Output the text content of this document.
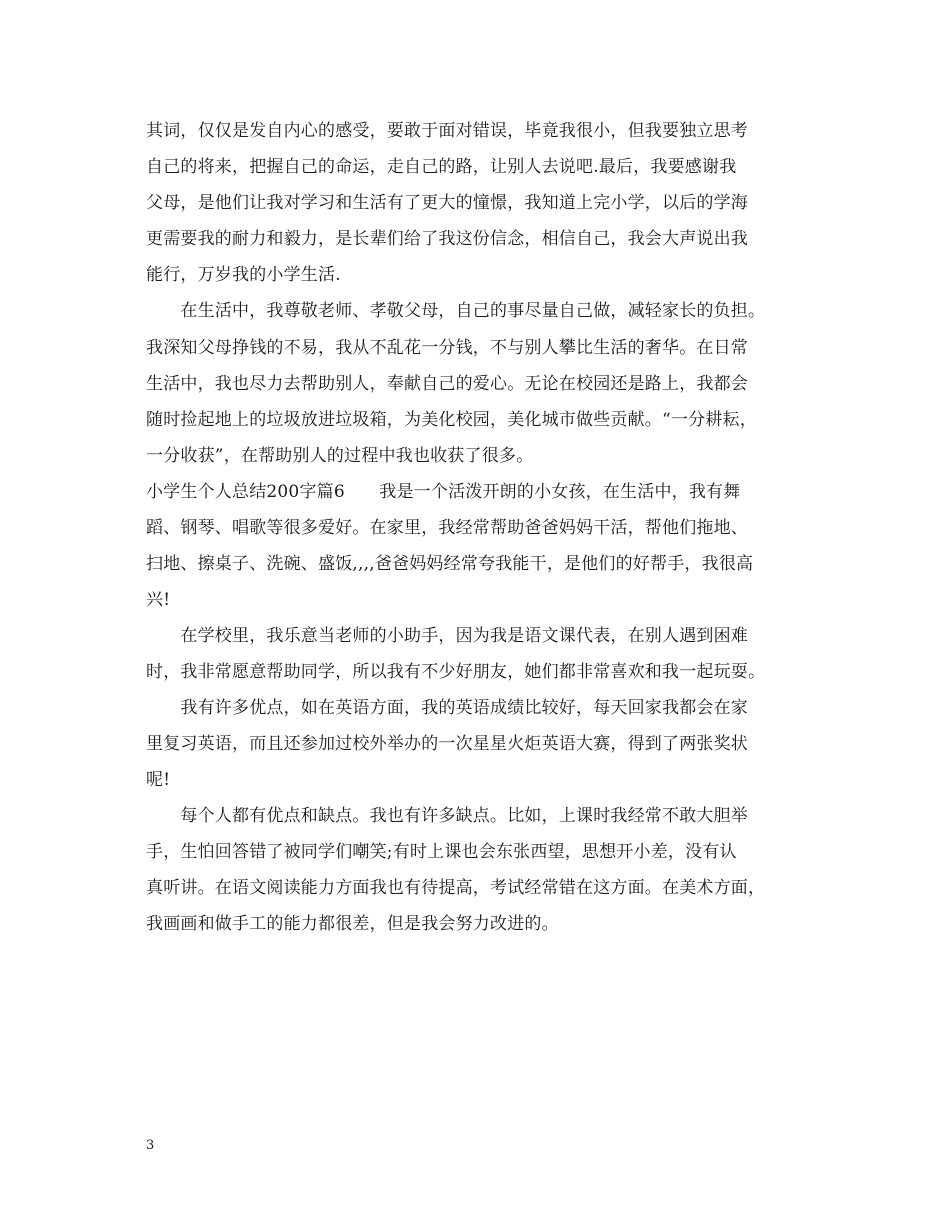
其词，仅仅是发自内心的感受，要敢于面对错误，毕竟我很小，但我要独立思考
自己的将来，把握自己的命运，走自己的路，让别人去说吧.最后，我要感谢我
父母，是他们让我对学习和生活有了更大的憧憬，我知道上完小学，以后的学海
更需要我的耐力和毅力，是长辈们给了我这份信念，相信自己，我会大声说出我
能行，万岁我的小学生活.
　　在生活中，我尊敬老师、孝敬父母，自己的事尽量自己做，减轻家长的负担。
我深知父母挣钱的不易，我从不乱花一分钱，不与别人攀比生活的奢华。在日常
生活中，我也尽力去帮助别人，奉献自己的爱心。无论在校园还是路上，我都会
随时捡起地上的垃圾放进垃圾箱，为美化校园，美化城市做些贡献。“一分耕耘，
一分收获”，在帮助别人的过程中我也收获了很多。
小学生个人总结200字篇6　　我是一个活泼开朗的小女孩，在生活中，我有舞
蹈、钢琴、唱歌等很多爱好。在家里，我经常帮助爸爸妈妈干活，帮他们拖地、
扫地、擦桌子、洗碗、盛饭,,,,爸爸妈妈经常夸我能干，是他们的好帮手，我很高
兴!
　　在学校里，我乐意当老师的小助手，因为我是语文课代表，在别人遇到困难
时，我非常愿意帮助同学，所以我有不少好朋友，她们都非常喜欢和我一起玩耍。
　　我有许多优点，如在英语方面，我的英语成绩比较好，每天回家我都会在家
里复习英语，而且还参加过校外举办的一次星星火炬英语大赛，得到了两张奖状
呢!
　　每个人都有优点和缺点。我也有许多缺点。比如，上课时我经常不敢大胆举
手，生怕回答错了被同学们嘲笑;有时上课也会东张西望，思想开小差，没有认
真听讲。在语文阅读能力方面我也有待提高，考试经常错在这方面。在美术方面，
我画画和做手工的能力都很差，但是我会努力改进的。
3
